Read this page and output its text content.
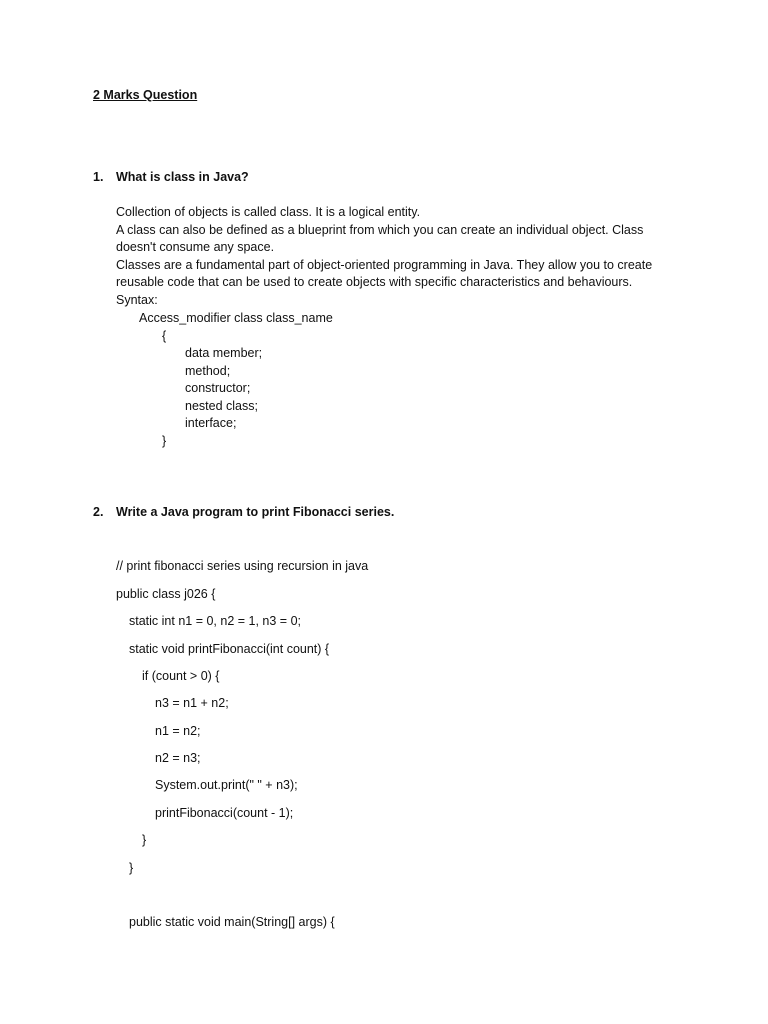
2 Marks Question
1. What is class in Java?

Collection of objects is called class. It is a logical entity.

A class can also be defined as a blueprint from which you can create an individual object. Class doesn't consume any space.

Classes are a fundamental part of object-oriented programming in Java. They allow you to create reusable code that can be used to create objects with specific characteristics and behaviours.

Syntax:

Access_modifier class class_name
{
data member;
method;
constructor;
nested class;
interface;
}
2. Write a Java program to print Fibonacci series.
// print fibonacci series using recursion in java
public class j026 {
static int n1 = 0, n2 = 1, n3 = 0;
static void printFibonacci(int count) {
if (count > 0) {
n3 = n1 + n2;
n1 = n2;
n2 = n3;
System.out.print(" " + n3);
printFibonacci(count - 1);
}
}
public static void main(String[] args) {
